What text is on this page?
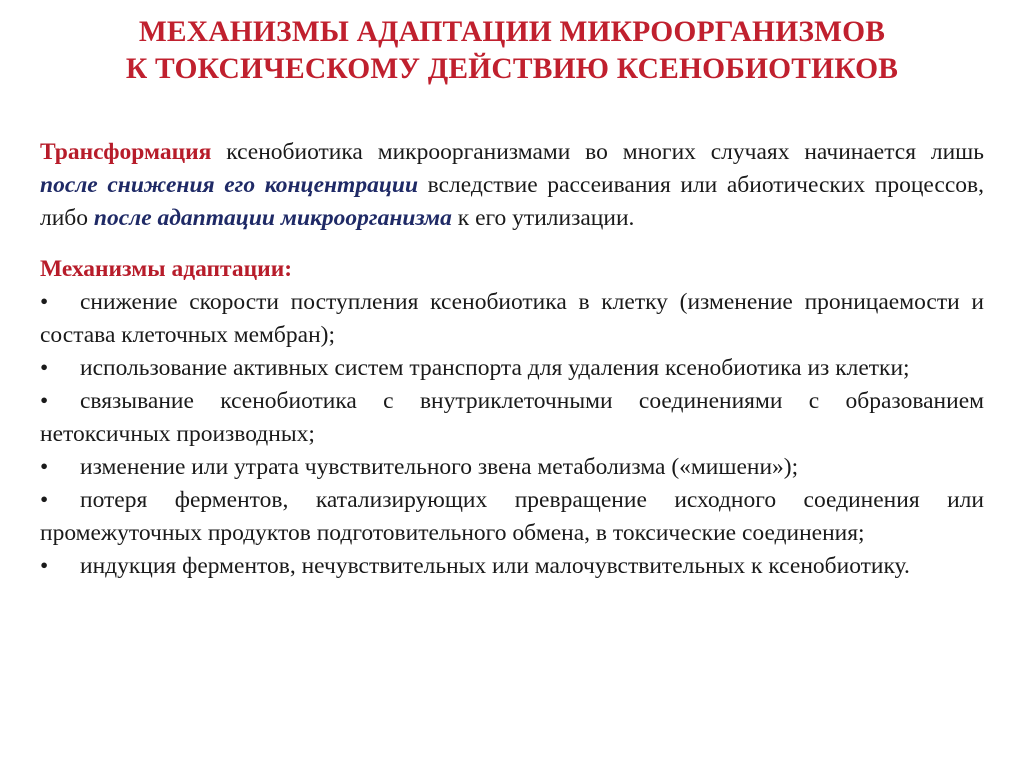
МЕХАНИЗМЫ АДАПТАЦИИ МИКРООРГАНИЗМОВ
К ТОКСИЧЕСКОМУ ДЕЙСТВИЮ КСЕНОБИОТИКОВ

Трансформация ксенобиотика микроорганизмами во многих случаях начинается лишь после снижения его концентрации вследствие рассеивания или абиотических процессов, либо после адаптации микроорганизма к его утилизации.

Механизмы адаптации:
• снижение скорости поступления ксенобиотика в клетку (изменение проницаемости и состава клеточных мембран);
• использование активных систем транспорта для удаления ксенобиотика из клетки;
• связывание ксенобиотика с внутриклеточными соединениями с образованием нетоксичных производных;
• изменение или утрата чувствительного звена метаболизма («мишени»);
• потеря ферментов, катализирующих превращение исходного соединения или промежуточных продуктов подготовительного обмена, в токсические соединения;
• индукция ферментов, нечувствительных или малочувствительных к ксенобиотику.
